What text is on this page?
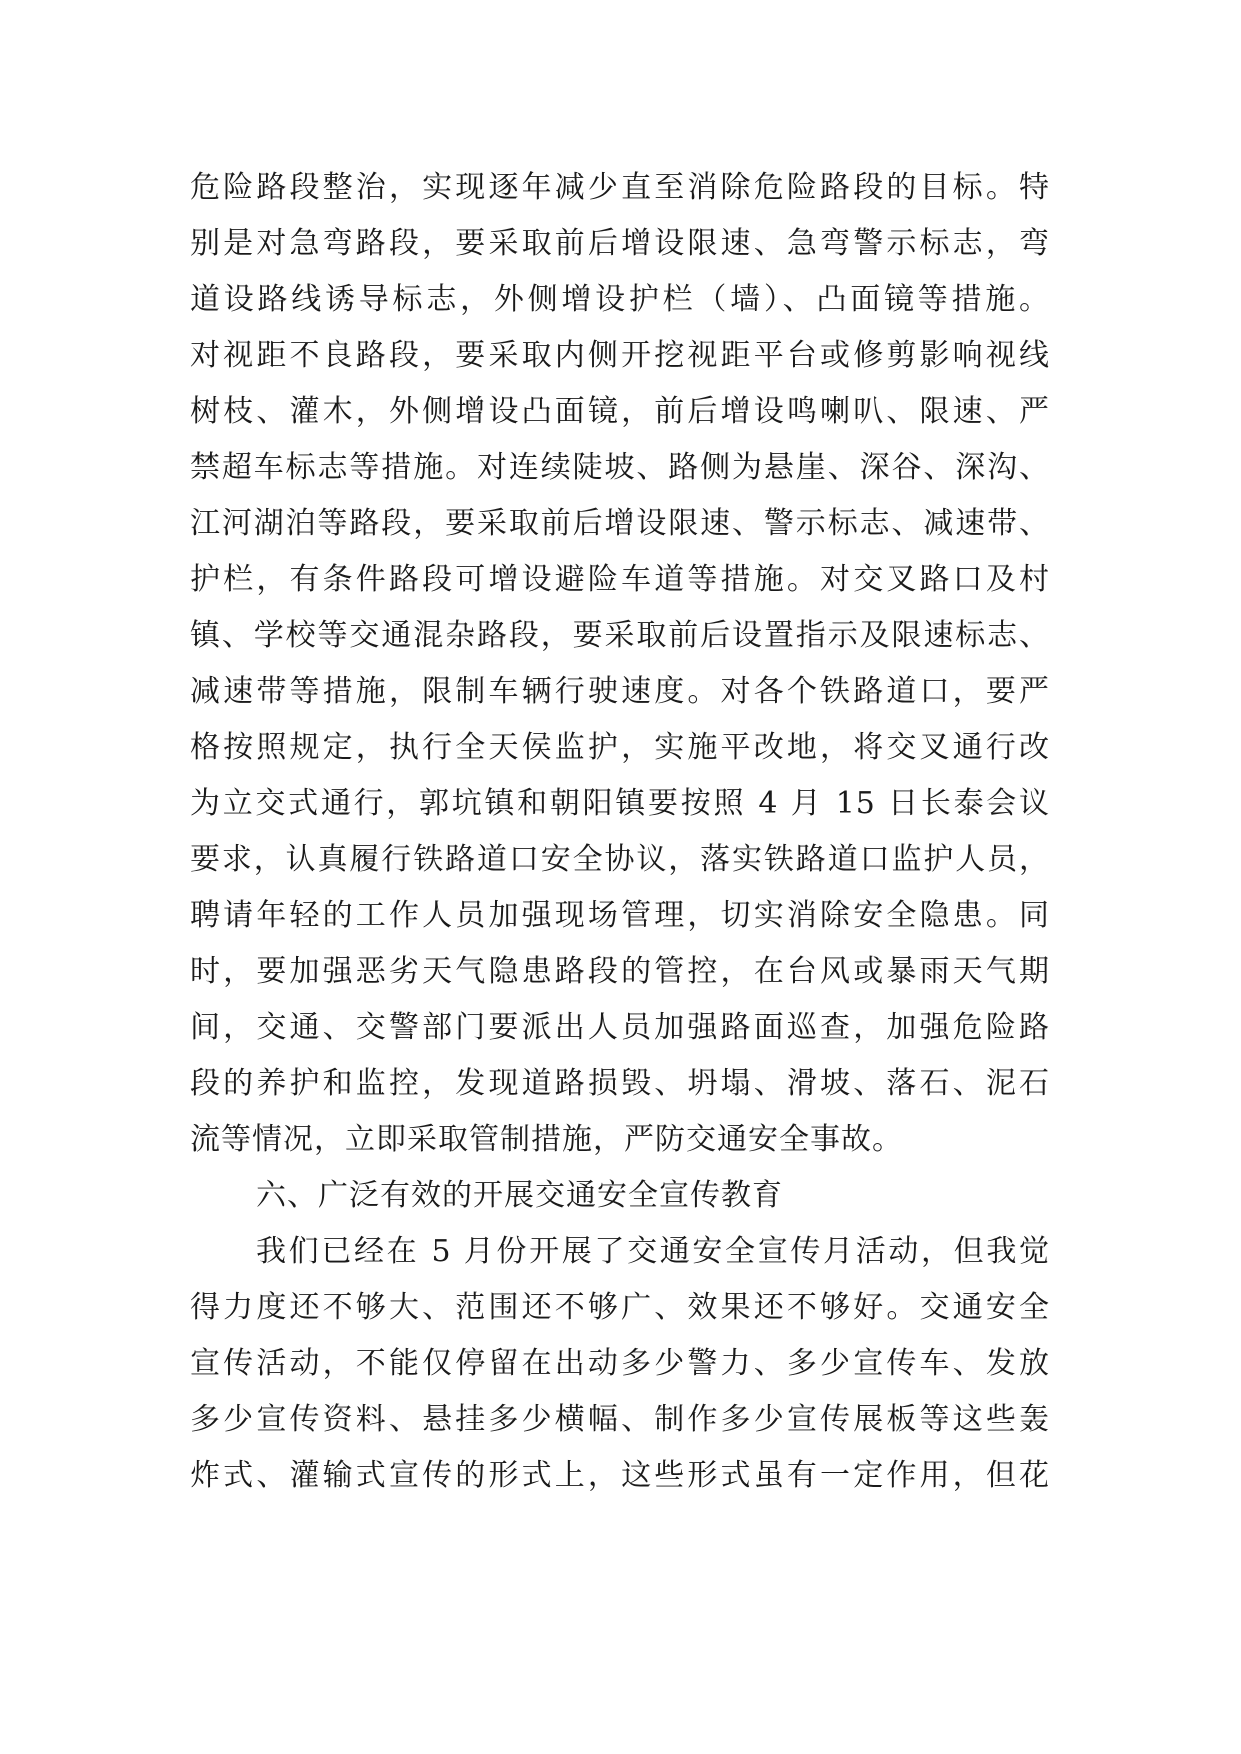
危险路段整治，实现逐年减少直至消除危险路段的目标。特
别是对急弯路段，要采取前后增设限速、急弯警示标志，弯
道设路线诱导标志，外侧增设护栏（墙）、凸面镜等措施。
对视距不良路段，要采取内侧开挖视距平台或修剪影响视线
树枝、灌木，外侧增设凸面镜，前后增设鸣喇叭、限速、严
禁超车标志等措施。对连续陡坡、路侧为悬崖、深谷、深沟、
江河湖泊等路段，要采取前后增设限速、警示标志、减速带、
护栏，有条件路段可增设避险车道等措施。对交叉路口及村
镇、学校等交通混杂路段，要采取前后设置指示及限速标志、
减速带等措施，限制车辆行驶速度。对各个铁路道口，要严
格按照规定，执行全天侯监护，实施平改地，将交叉通行改
为立交式通行，郭坑镇和朝阳镇要按照 4 月 15 日长泰会议
要求，认真履行铁路道口安全协议，落实铁路道口监护人员，
聘请年轻的工作人员加强现场管理，切实消除安全隐患。同
时，要加强恶劣天气隐患路段的管控，在台风或暴雨天气期
间，交通、交警部门要派出人员加强路面巡查，加强危险路
段的养护和监控，发现道路损毁、坍塌、滑坡、落石、泥石
流等情况，立即采取管制措施，严防交通安全事故。
六、广泛有效的开展交通安全宣传教育
我们已经在 5 月份开展了交通安全宣传月活动，但我觉
得力度还不够大、范围还不够广、效果还不够好。交通安全
宣传活动，不能仅停留在出动多少警力、多少宣传车、发放
多少宣传资料、悬挂多少横幅、制作多少宣传展板等这些轰
炸式、灌输式宣传的形式上，这些形式虽有一定作用，但花
